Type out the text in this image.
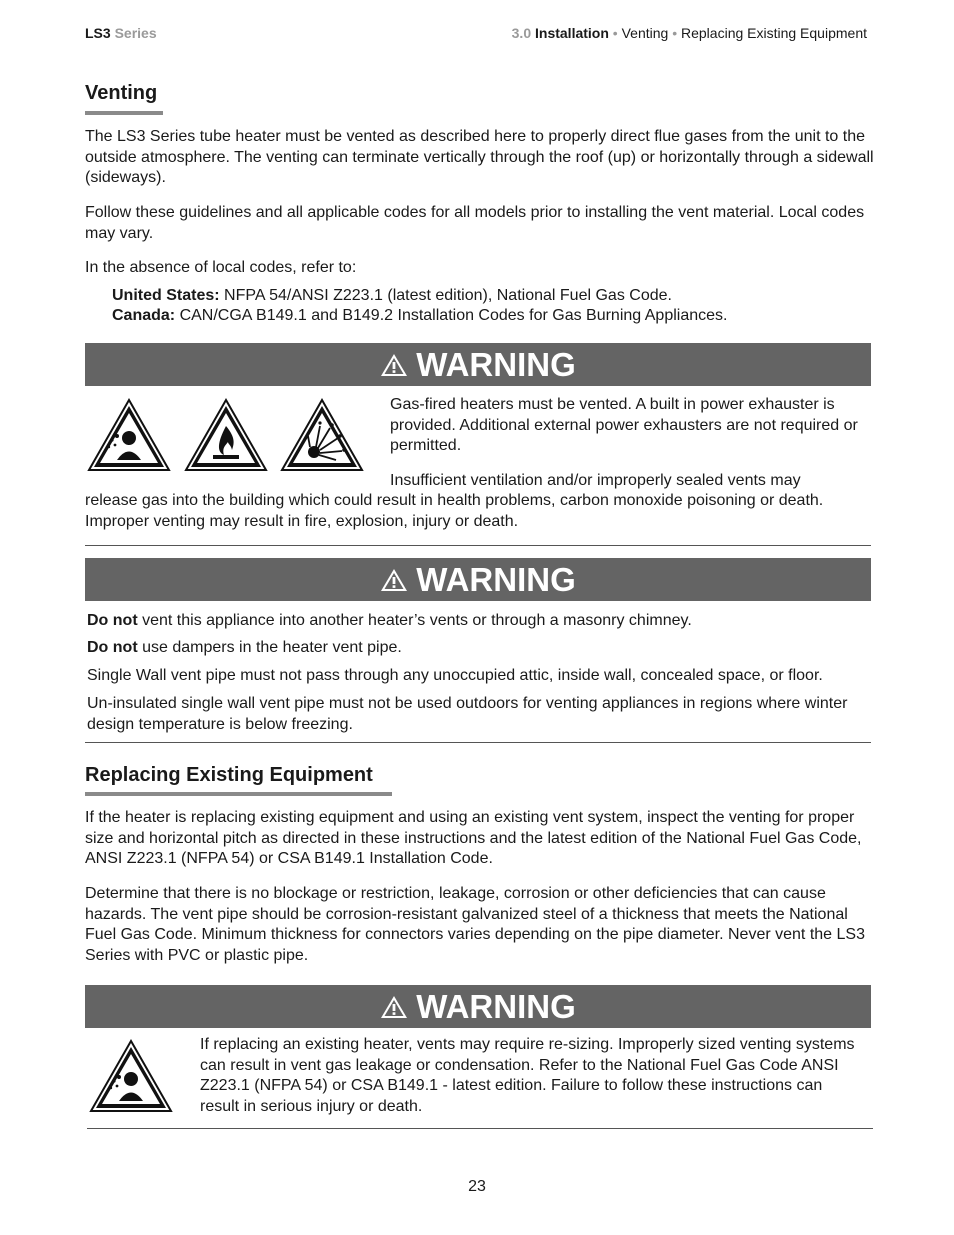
LS3 Series	3.0 Installation • Venting • Replacing Existing Equipment
Venting

The LS3 Series tube heater must be vented as described here to properly direct flue gases from the unit to the outside atmosphere. The venting can terminate vertically through the roof (up) or horizontally through a sidewall (sideways).

Follow these guidelines and all applicable codes for all models prior to installing the vent material. Local codes may vary.

In the absence of local codes, refer to:

United States: NFPA 54/ANSI Z223.1 (latest edition), National Fuel Gas Code.

Canada: CAN/CGA B149.1 and B149.2 Installation Codes for Gas Burning Appliances.

WARNING

Gas-fired heaters must be vented. A built in power exhauster is provided. Additional external power exhausters are not required or permitted.

Insufficient ventilation and/or improperly sealed vents may

release gas into the building which could result in health problems, carbon monoxide poisoning or death. Improper venting may result in fire, explosion, injury or death.

WARNING

Do not vent this appliance into another heater’s vents or through a masonry chimney.

Do not use dampers in the heater vent pipe.

Single Wall vent pipe must not pass through any unoccupied attic, inside wall, concealed space, or floor.

Un-insulated single wall vent pipe must not be used outdoors for venting appliances in regions where winter design temperature is below freezing.

Replacing Existing Equipment

If the heater is replacing existing equipment and using an existing vent system, inspect the venting for proper size and horizontal pitch as directed in these instructions and the latest edition of the National Fuel Gas Code, ANSI Z223.1 (NFPA 54) or CSA B149.1 Installation Code.

Determine that there is no blockage or restriction, leakage, corrosion or other deficiencies that can cause hazards. The vent pipe should be corrosion-resistant galvanized steel of a thickness that meets the National Fuel Gas Code. Minimum thickness for connectors varies depending on the pipe diameter. Never vent the LS3 Series with PVC or plastic pipe.

WARNING

If replacing an existing heater, vents may require re-sizing. Improperly sized venting systems can result in vent gas leakage or condensation. Refer to the National Fuel Gas Code ANSI Z223.1 (NFPA 54) or CSA B149.1 - latest edition. Failure to follow these instructions can result in serious injury or death.

23
